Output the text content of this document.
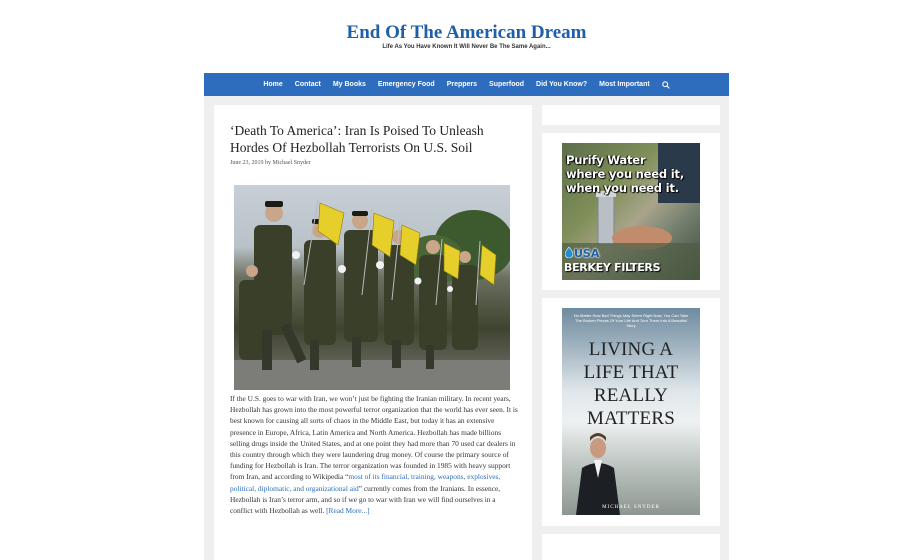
End Of The American Dream
Life As You Have Known It Will Never Be The Same Again...
Home	Contact	My Books	Emergency Food	Preppers	Superfood	Did You Know?	Most Important
‘Death To America’: Iran Is Poised To Unleash Hordes Of Hezbollah Terrorists On U.S. Soil
June 23, 2019 by Michael Snyder

If the U.S. goes to war with Iran, we won’t just be fighting the Iranian military. In recent years, Hezbollah has grown into the most powerful terror organization that the world has ever seen. It is best known for causing all sorts of chaos in the Middle East, but today it has an extensive presence in Europe, Africa, Latin America and North America. Hezbollah has made billions selling drugs inside the United States, and at one point they had more than 70 used car dealers in this country through which they were laundering drug money. Of course the primary source of funding for Hezbollah is Iran. The terror organization was founded in 1985 with heavy support from Iran, and according to Wikipedia “most of its financial, training, weapons, explosives, political, diplomatic, and organizational aid” currently comes from the Iranians. In essence, Hezbollah is Iran’s terror arm, and so if we go to war with Iran we will find ourselves in a conflict with Hezbollah as well. [Read More...]

Purify Water
where you need it,
when you need it.
USA
BERKEY FILTERS
No Matter How Bad Things May Seem Right Now, You Can Take The Broken Pieces Of Your Life And Turn Them Into A Beautiful Story
LIVING A
LIFE THAT
REALLY
MATTERS
MICHAEL SNYDER
